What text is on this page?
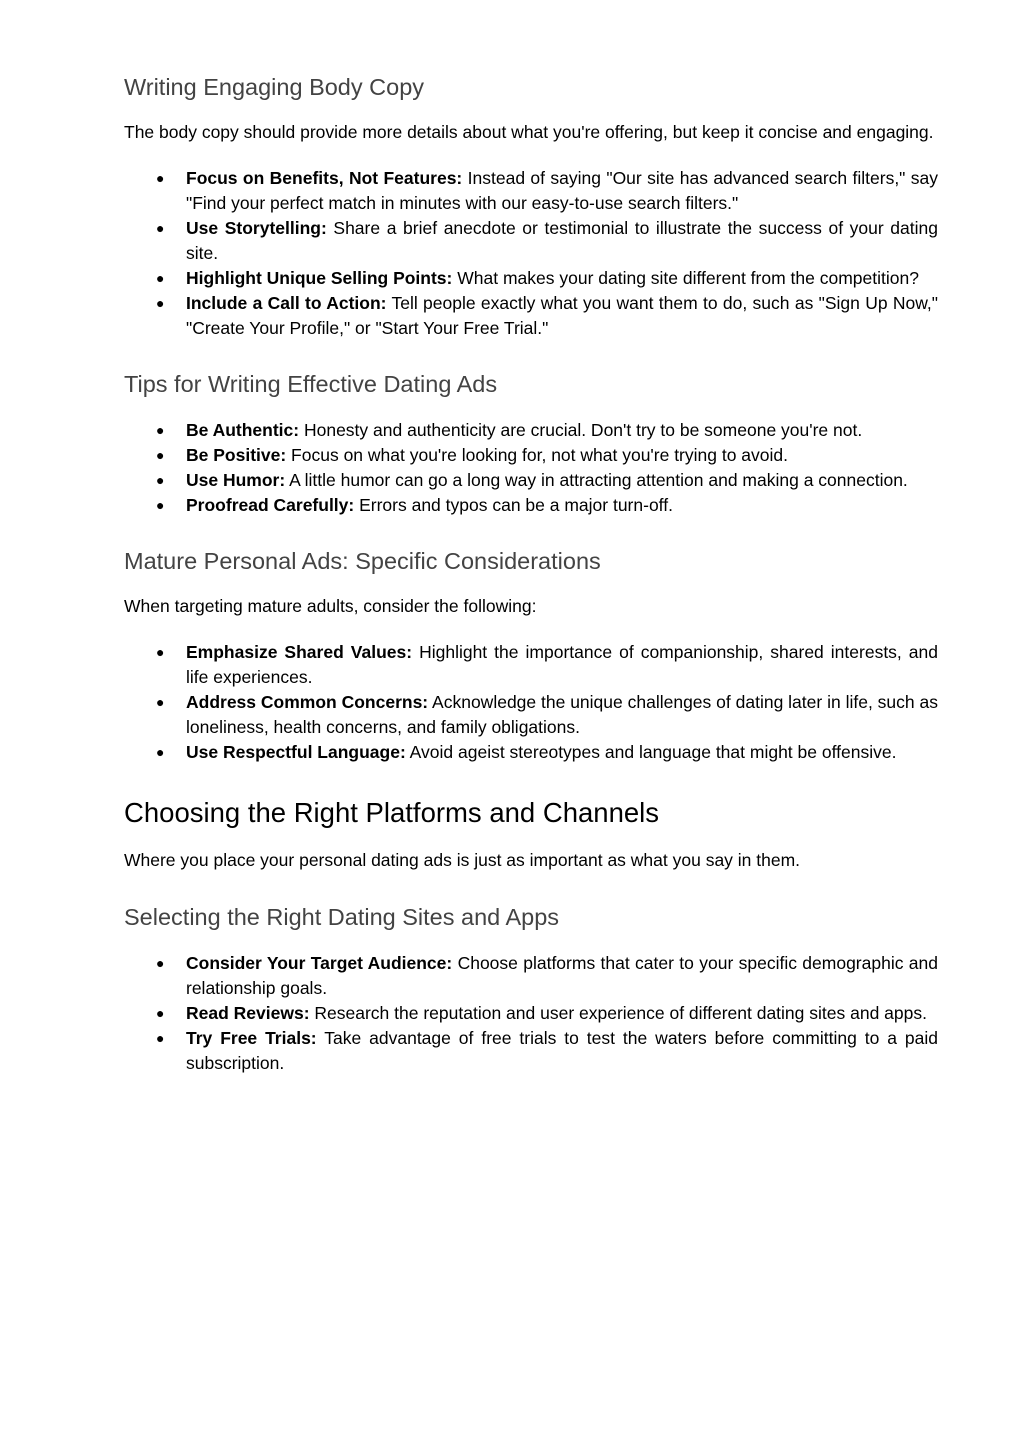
Writing Engaging Body Copy

The body copy should provide more details about what you're offering, but keep it concise and engaging.

● Focus on Benefits, Not Features: Instead of saying "Our site has advanced search filters," say "Find your perfect match in minutes with our easy-to-use search filters."
● Use Storytelling: Share a brief anecdote or testimonial to illustrate the success of your dating site.
● Highlight Unique Selling Points: What makes your dating site different from the competition?
● Include a Call to Action: Tell people exactly what you want them to do, such as "Sign Up Now," "Create Your Profile," or "Start Your Free Trial."
Tips for Writing Effective Dating Ads
● Be Authentic: Honesty and authenticity are crucial. Don't try to be someone you're not.
● Be Positive: Focus on what you're looking for, not what you're trying to avoid.
● Use Humor: A little humor can go a long way in attracting attention and making a connection.
● Proofread Carefully: Errors and typos can be a major turn-off.
Mature Personal Ads: Specific Considerations

When targeting mature adults, consider the following:

● Emphasize Shared Values: Highlight the importance of companionship, shared interests, and life experiences.
● Address Common Concerns: Acknowledge the unique challenges of dating later in life, such as loneliness, health concerns, and family obligations.
● Use Respectful Language: Avoid ageist stereotypes and language that might be offensive.
Choosing the Right Platforms and Channels

Where you place your personal dating ads is just as important as what you say in them.

Selecting the Right Dating Sites and Apps
● Consider Your Target Audience: Choose platforms that cater to your specific demographic and relationship goals.
● Read Reviews: Research the reputation and user experience of different dating sites and apps.
● Try Free Trials: Take advantage of free trials to test the waters before committing to a paid subscription.
